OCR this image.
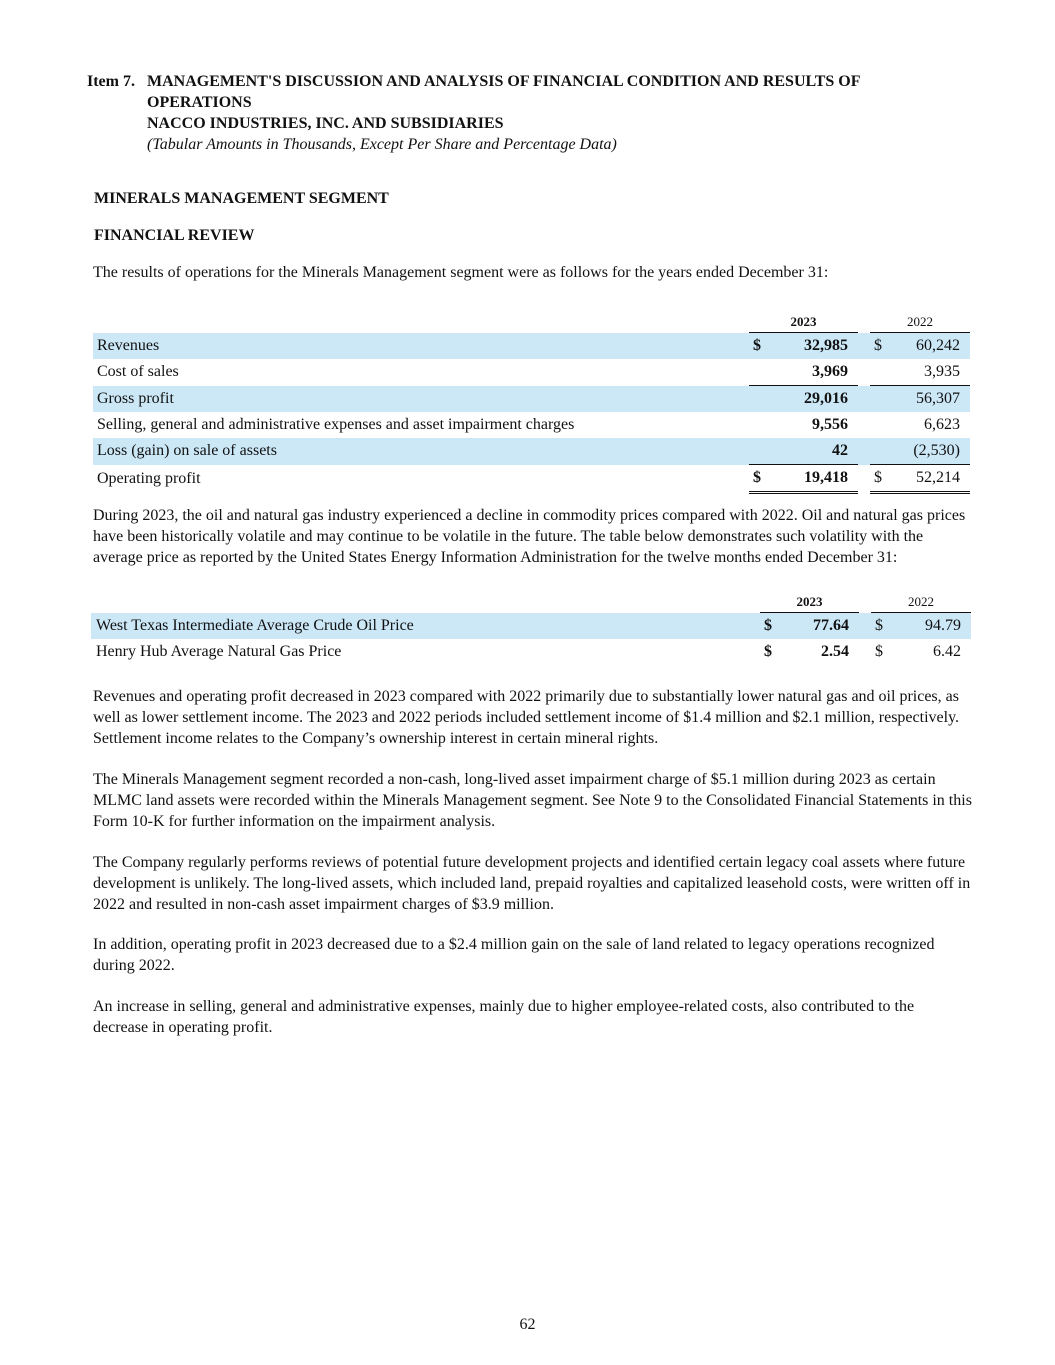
Item 7. MANAGEMENT'S DISCUSSION AND ANALYSIS OF FINANCIAL CONDITION AND RESULTS OF
OPERATIONS
NACCO INDUSTRIES, INC. AND SUBSIDIARIES
(Tabular Amounts in Thousands, Except Per Share and Percentage Data)
MINERALS MANAGEMENT SEGMENT
FINANCIAL REVIEW
The results of operations for the Minerals Management segment were as follows for the years ended December 31:
	2023			2022	
Revenues	$	32,985		$	60,242
Cost of sales		3,969			3,935
Gross profit		29,016			56,307
Selling, general and administrative expenses and asset impairment charges		9,556			6,623
Loss (gain) on sale of assets		42			(2,530)
Operating profit	$	19,418		$	52,214
During 2023, the oil and natural gas industry experienced a decline in commodity prices compared with 2022. Oil and natural gas prices have been historically volatile and may continue to be volatile in the future. The table below demonstrates such volatility with the average price as reported by the United States Energy Information Administration for the twelve months ended December 31:
	2023			2022	
West Texas Intermediate Average Crude Oil Price	$	77.64		$	94.79
Henry Hub Average Natural Gas Price	$	2.54		$	6.42
Revenues and operating profit decreased in 2023 compared with 2022 primarily due to substantially lower natural gas and oil prices, as well as lower settlement income. The 2023 and 2022 periods included settlement income of $1.4 million and $2.1 million, respectively. Settlement income relates to the Company’s ownership interest in certain mineral rights.
The Minerals Management segment recorded a non-cash, long-lived asset impairment charge of $5.1 million during 2023 as certain MLMC land assets were recorded within the Minerals Management segment. See Note 9 to the Consolidated Financial Statements in this Form 10-K for further information on the impairment analysis.
The Company regularly performs reviews of potential future development projects and identified certain legacy coal assets where future development is unlikely. The long-lived assets, which included land, prepaid royalties and capitalized leasehold costs, were written off in 2022 and resulted in non-cash asset impairment charges of $3.9 million.
In addition, operating profit in 2023 decreased due to a $2.4 million gain on the sale of land related to legacy operations recognized during 2022.
An increase in selling, general and administrative expenses, mainly due to higher employee-related costs, also contributed to the decrease in operating profit.
62
